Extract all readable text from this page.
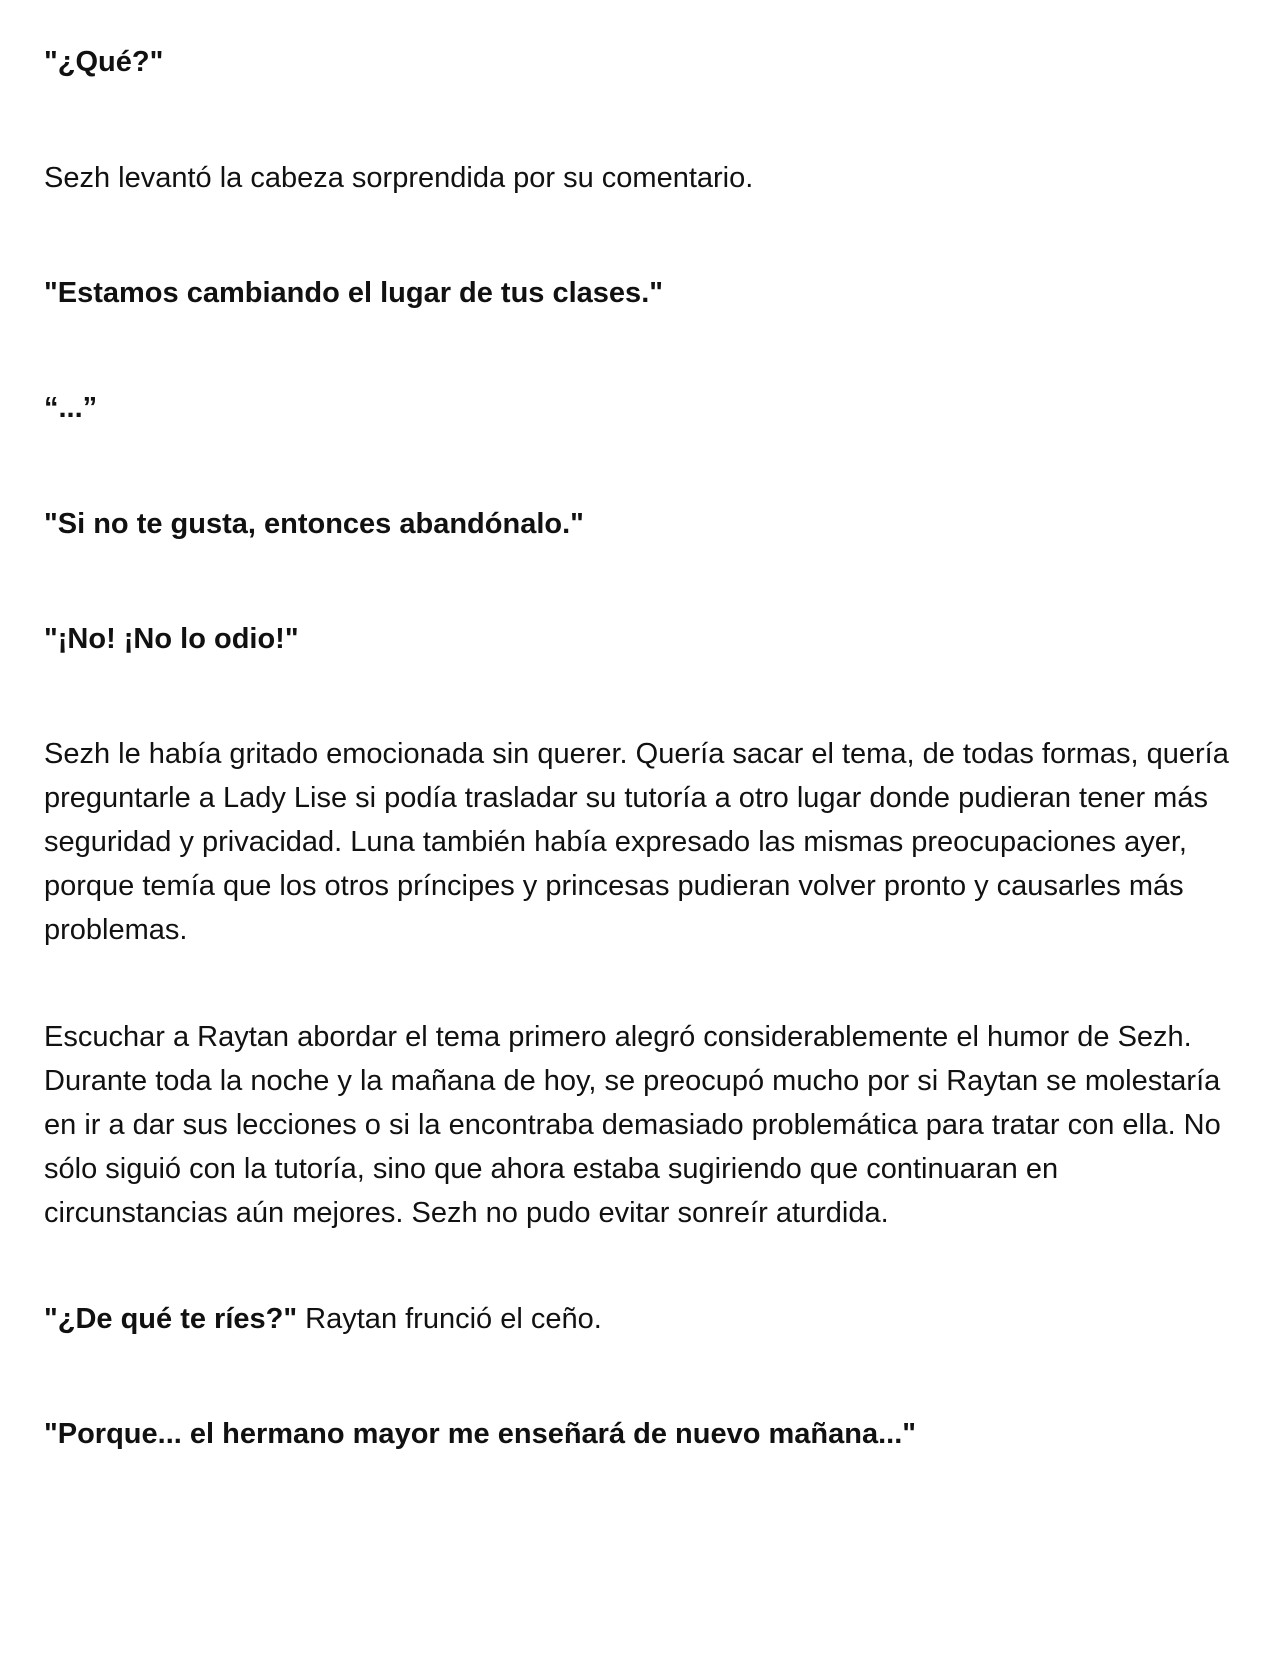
"¿Qué?"

Sezh levantó la cabeza sorprendida por su comentario.

"Estamos cambiando el lugar de tus clases."

“...”

"Si no te gusta, entonces abandónalo."

"¡No! ¡No lo odio!"

Sezh le había gritado emocionada sin querer. Quería sacar el tema, de todas formas, quería preguntarle a Lady Lise si podía trasladar su tutoría a otro lugar donde pudieran tener más seguridad y privacidad. Luna también había expresado las mismas preocupaciones ayer, porque temía que los otros príncipes y princesas pudieran volver pronto y causarles más problemas.

Escuchar a Raytan abordar el tema primero alegró considerablemente el humor de Sezh. Durante toda la noche y la mañana de hoy, se preocupó mucho por si Raytan se molestaría en ir a dar sus lecciones o si la encontraba demasiado problemática para tratar con ella. No sólo siguió con la tutoría, sino que ahora estaba sugiriendo que continuaran en circunstancias aún mejores. Sezh no pudo evitar sonreír aturdida.

"¿De qué te ríes?" Raytan frunció el ceño.

"Porque... el hermano mayor me enseñará de nuevo mañana..."
